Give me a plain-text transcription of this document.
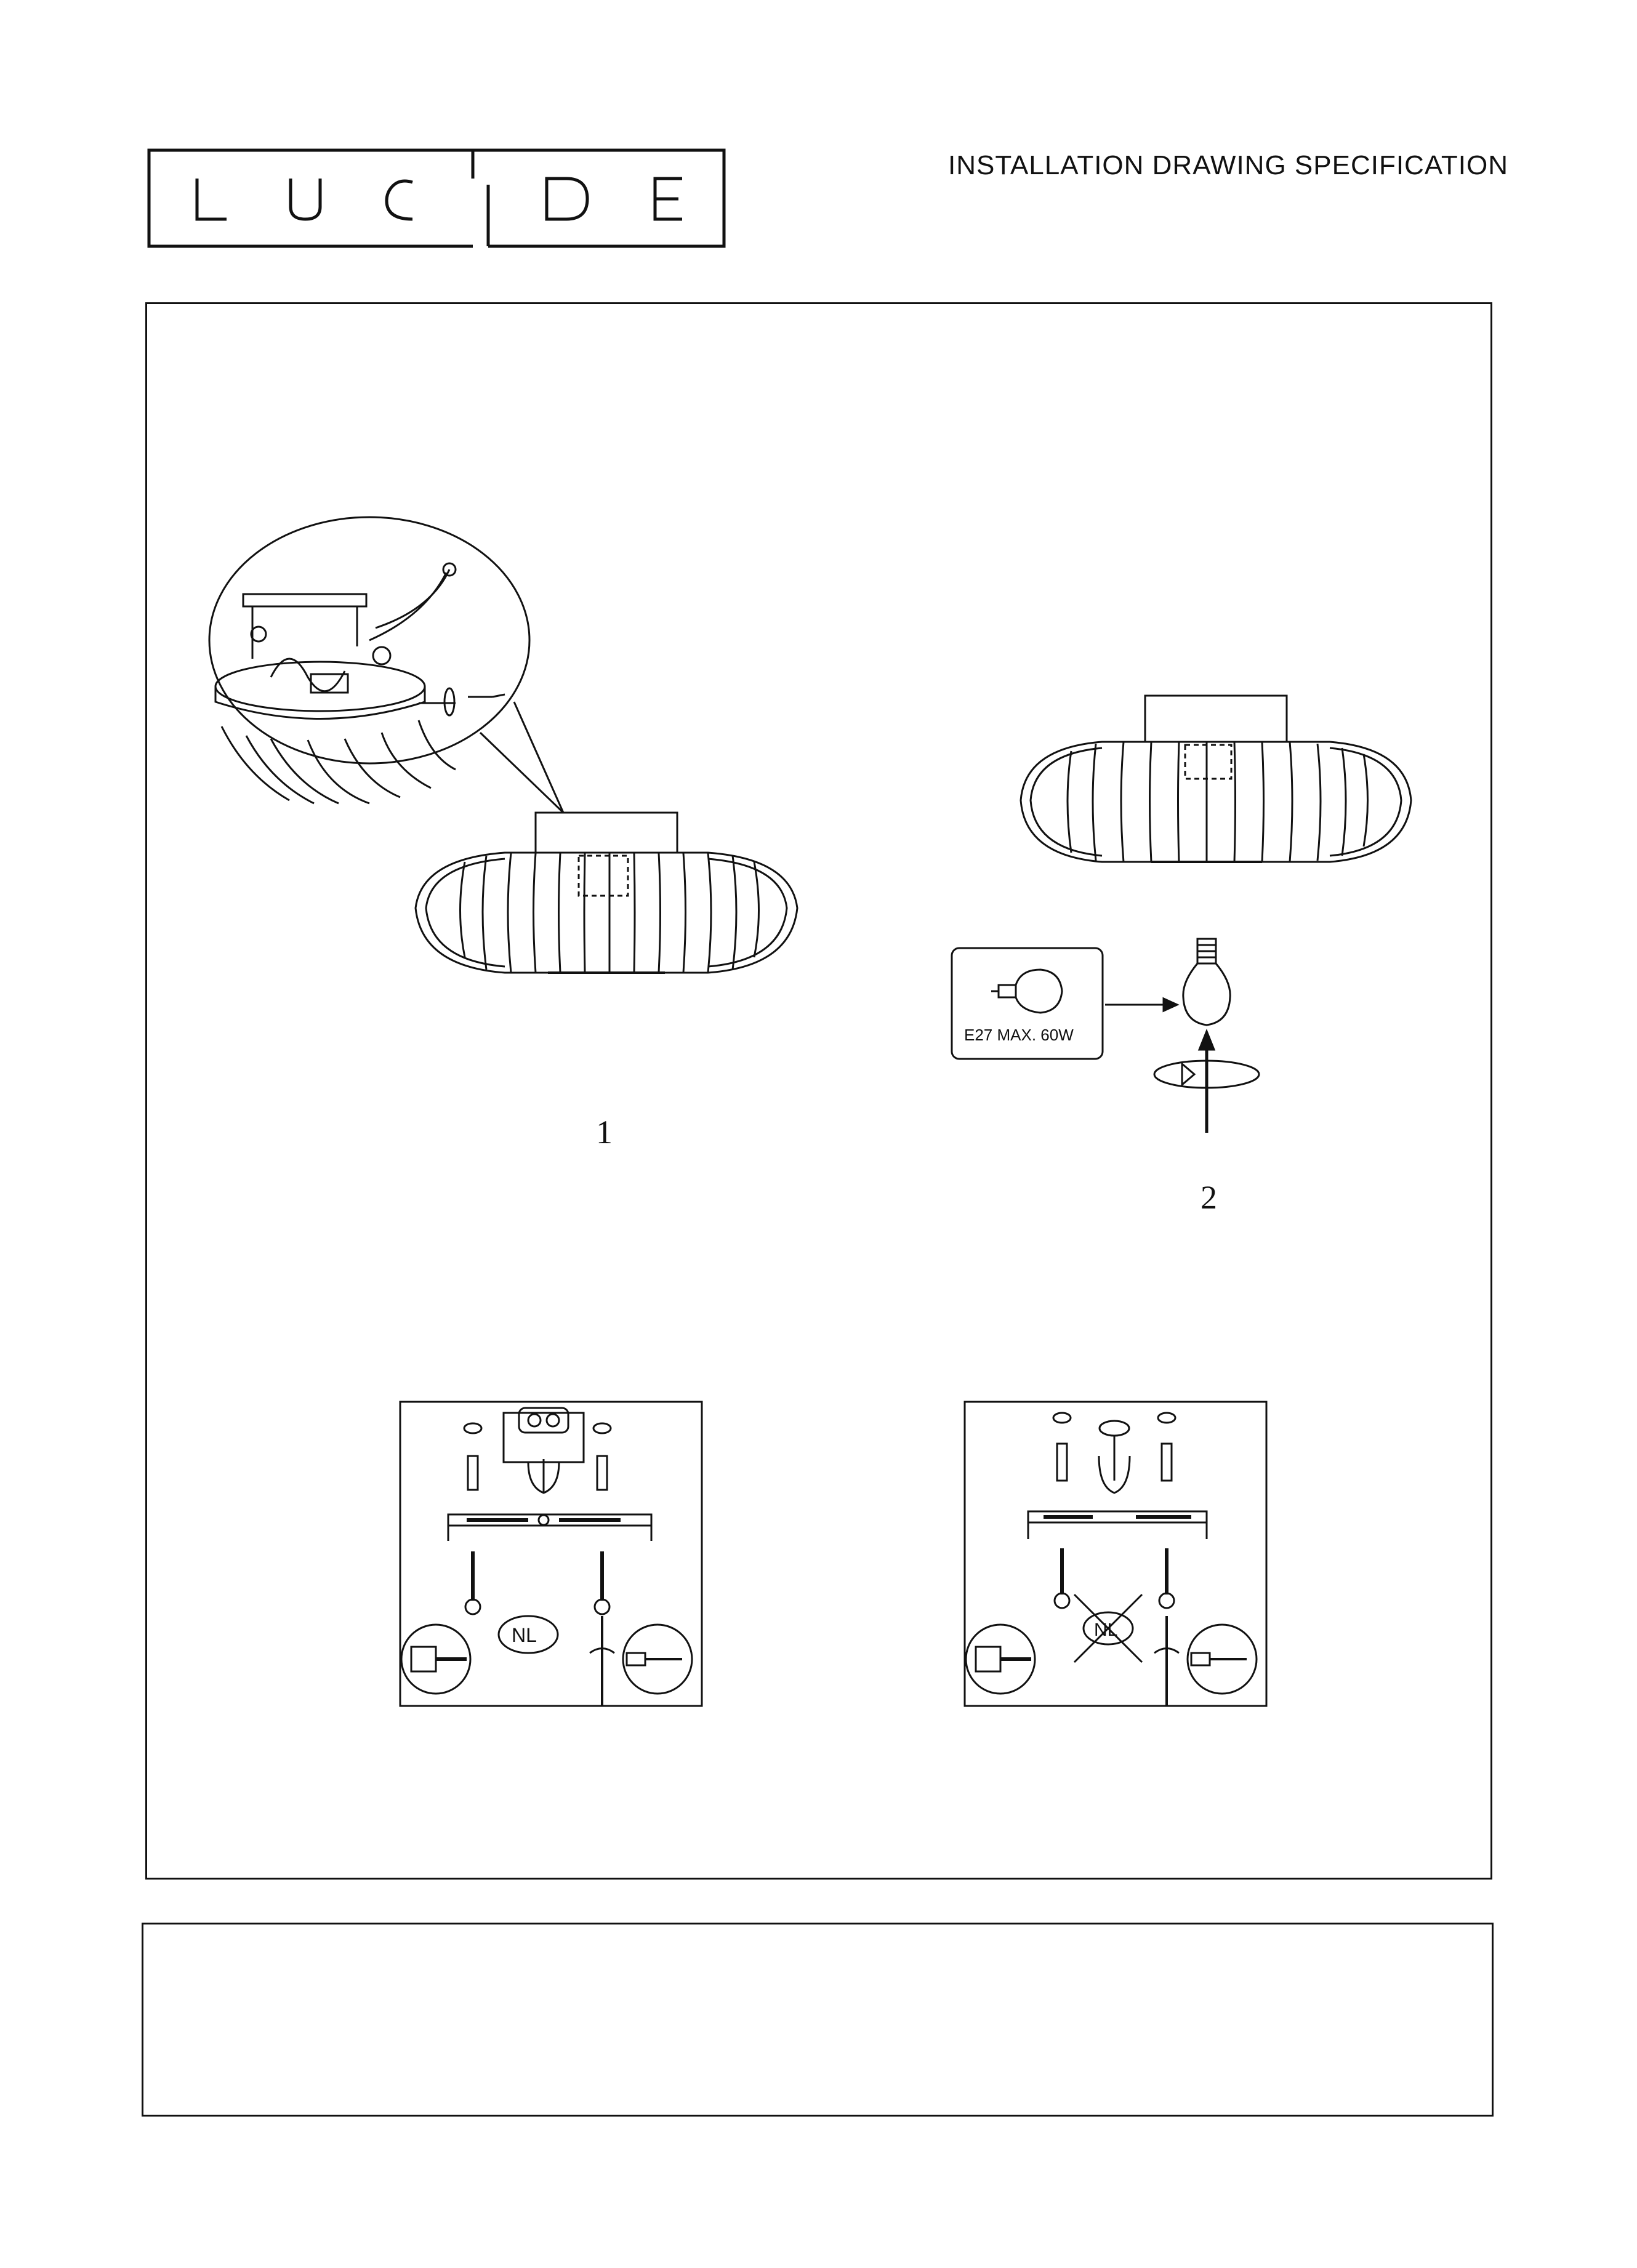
LUCIDE
INSTALLATION DRAWING SPECIFICATION
1
E27 MAX. 60W
2
NL	NL
